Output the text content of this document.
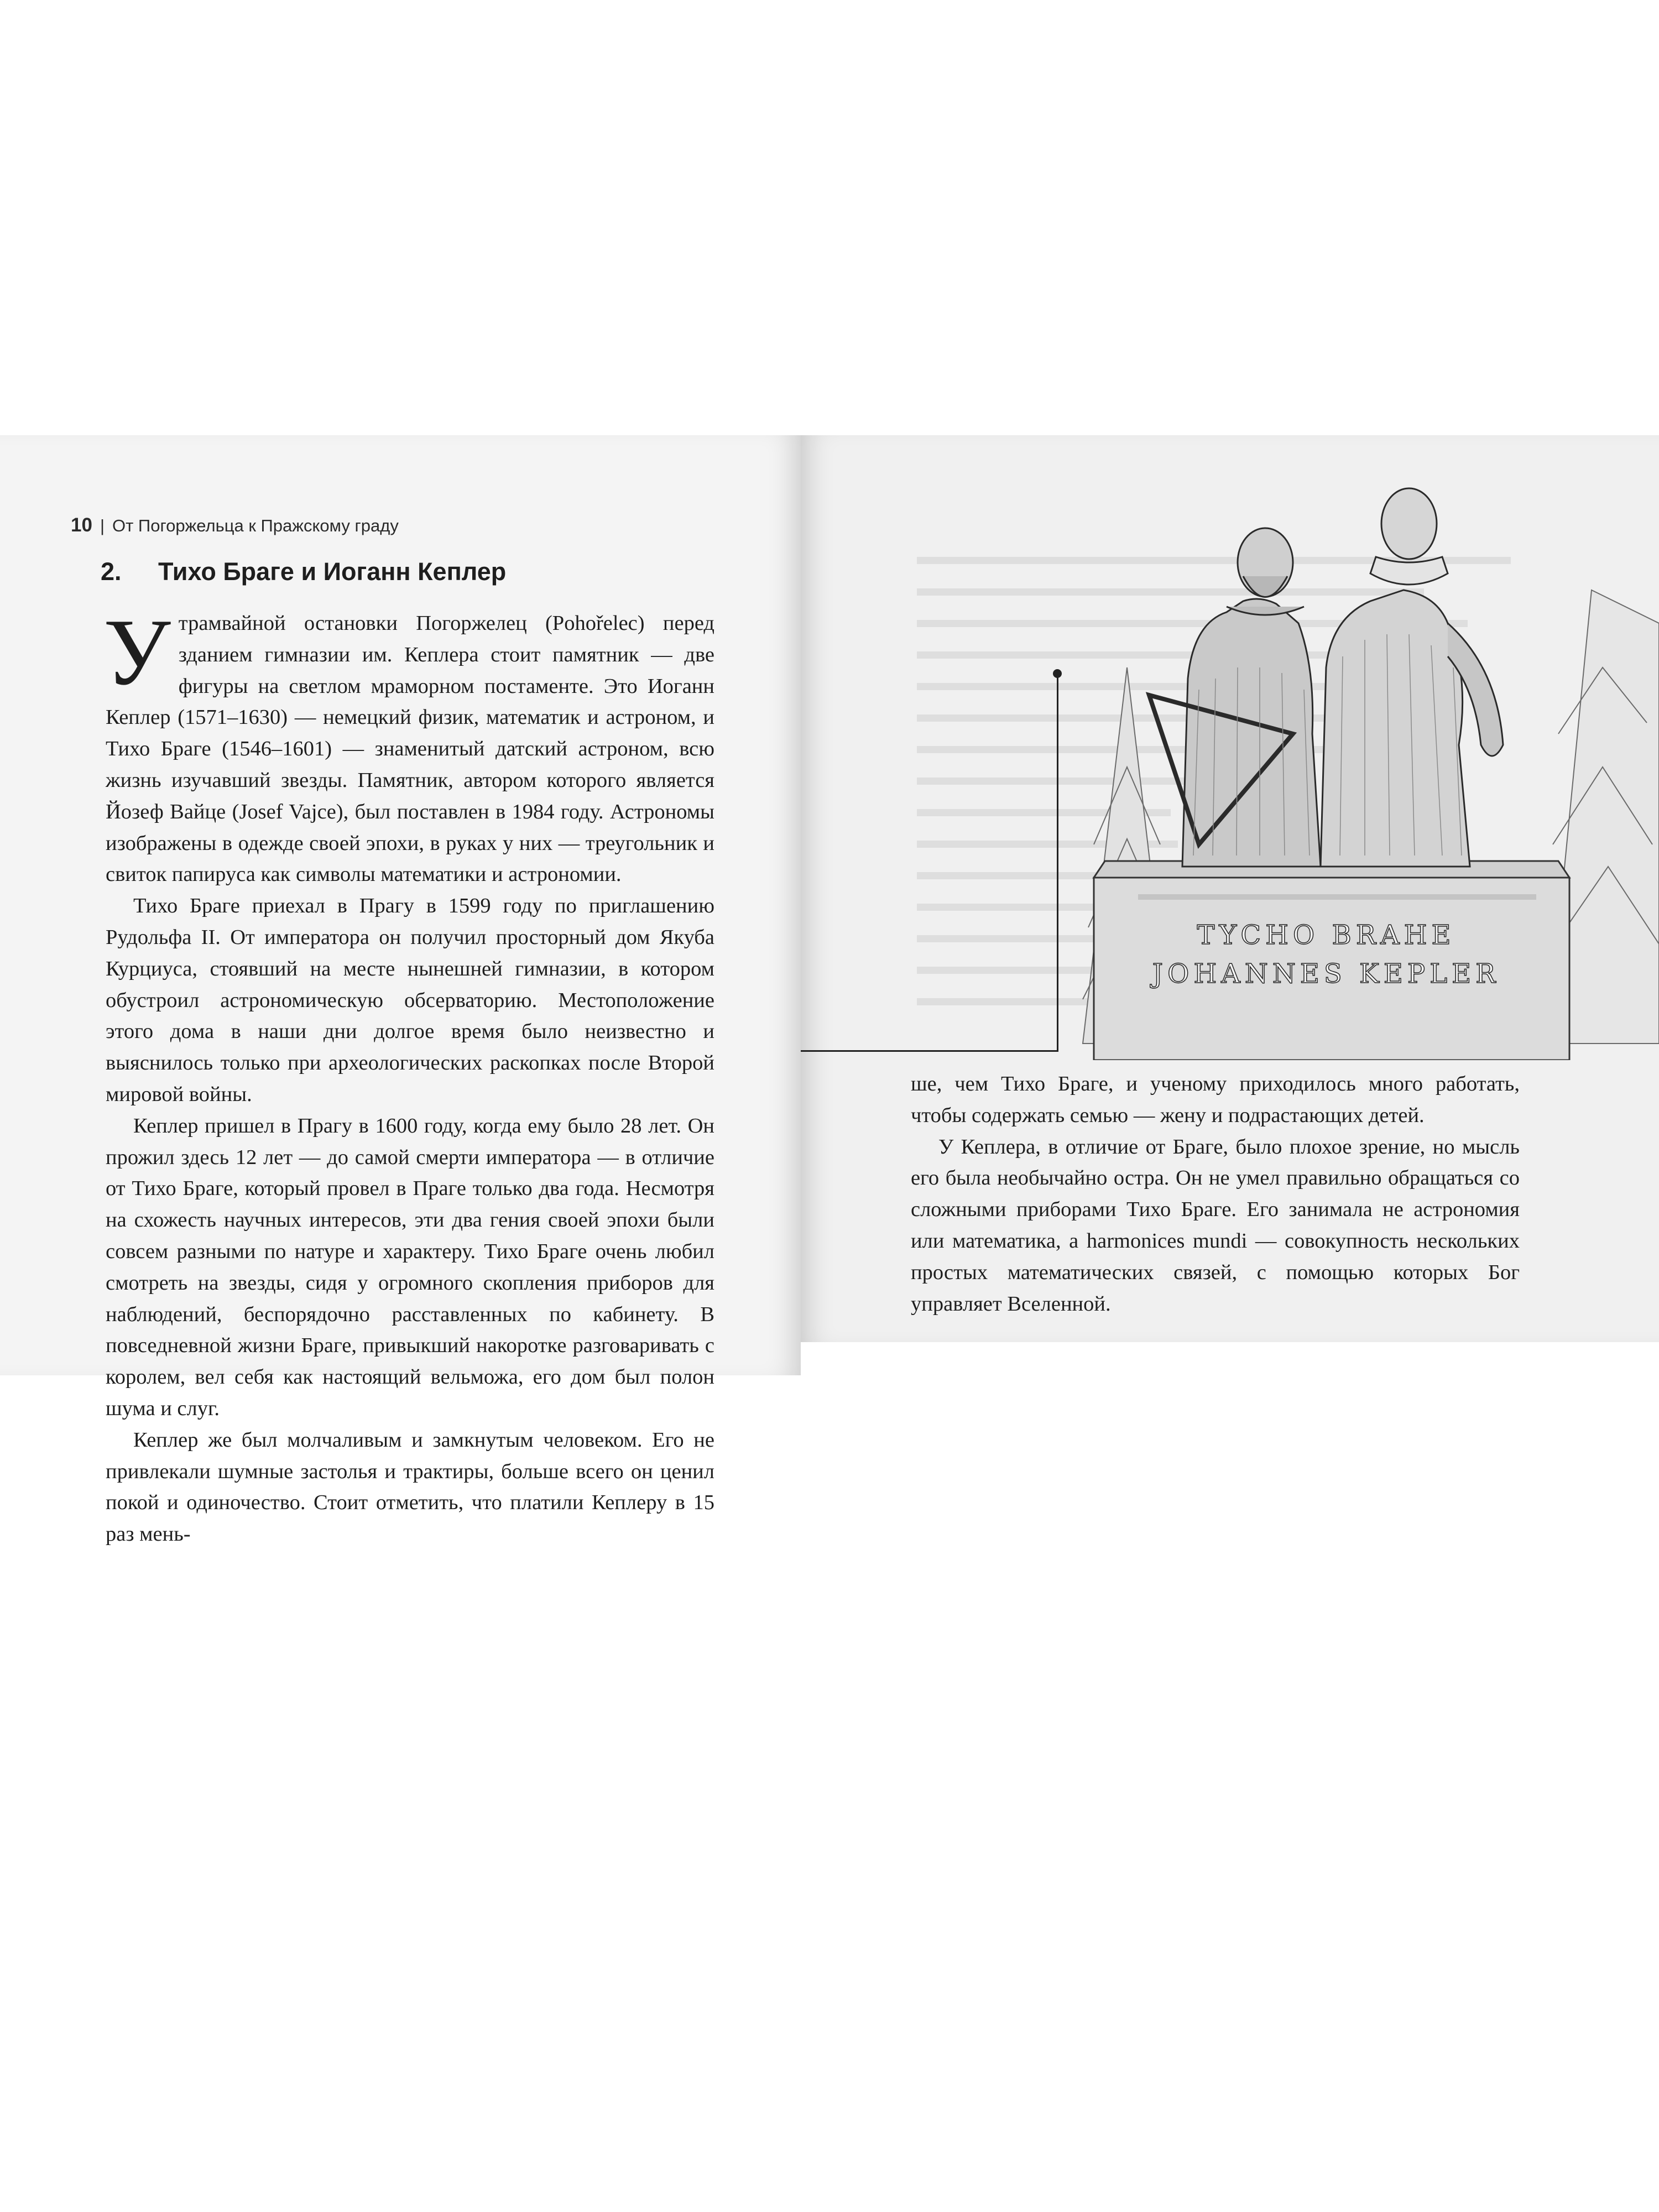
10 | От Погоржельца к Пражскому граду
2. Тихо Браге и Иоганн Кеплер

Утрамвайной остановки Погоржелец (Pohořelec) перед зданием гимназии им. Кеплера стоит памятник — две фигуры на светлом мраморном постаменте. Это Иоганн Кеплер (1571–1630) — немецкий физик, математик и астроном, и Тихо Браге (1546–1601) — знаменитый датский астроном, всю жизнь изучавший звезды. Памятник, автором которого является Йозеф Вайце (Josef Vajce), был поставлен в 1984 году. Астрономы изображены в одежде своей эпохи, в руках у них — треугольник и свиток папируса как символы математики и астрономии.

Тихо Браге приехал в Прагу в 1599 году по приглашению Рудольфа II. От императора он получил просторный дом Якуба Курциуса, стоявший на месте нынешней гимназии, в котором обустроил астрономическую обсерваторию. Местоположение этого дома в наши дни долгое время было неизвестно и выяснилось только при археологических раскопках после Второй мировой войны.

Кеплер пришел в Прагу в 1600 году, когда ему было 28 лет. Он прожил здесь 12 лет — до самой смерти императора — в отличие от Тихо Браге, который провел в Праге только два года. Несмотря на схожесть научных интересов, эти два гения своей эпохи были совсем разными по натуре и характеру. Тихо Браге очень любил смотреть на звезды, сидя у огромного скопления приборов для наблюдений, беспорядочно расставленных по кабинету. В повседневной жизни Браге, привыкший накоротке разговаривать с королем, вел себя как настоящий вельможа, его дом был полон шума и слуг.

Кеплер же был молчаливым и замкнутым человеком. Его не привлекали шумные застолья и трактиры, больше всего он ценил покой и одиночество. Стоит отметить, что платили Кеплеру в 15 раз мень-

TYCHO BRAHE
JOHANNES KEPLER

ше, чем Тихо Браге, и ученому приходилось много работать, чтобы содержать семью — жену и подрастающих детей.

У Кеплера, в отличие от Браге, было плохое зрение, но мысль его была необычайно остра. Он не умел правильно обращаться со сложными приборами Тихо Браге. Его занимала не астрономия или математика, а harmonices mundi — совокупность нескольких простых математических связей, с помощью которых Бог управляет Вселенной.
